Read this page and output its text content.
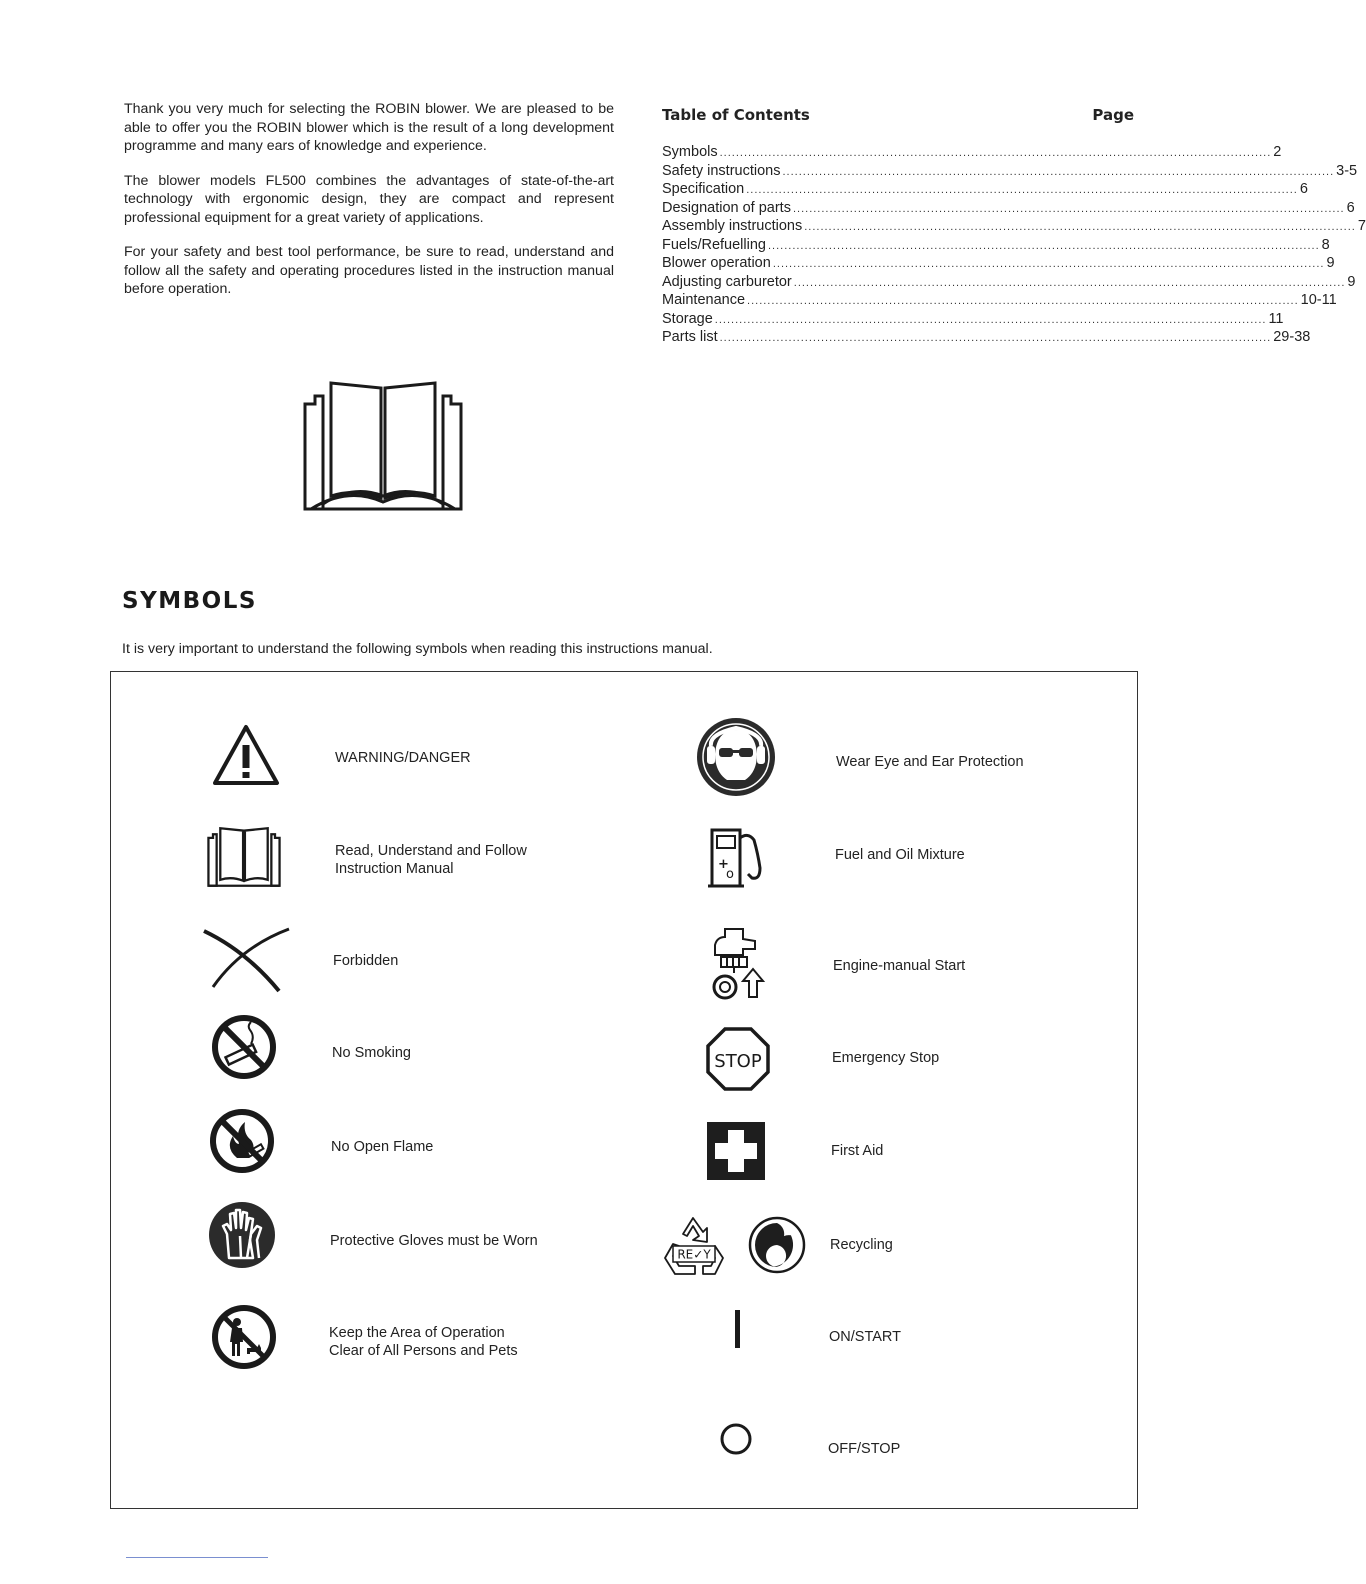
Thank you very much for selecting the ROBIN blower. We are pleased to be able to offer you the ROBIN blower which is the result of a long development programme and many ears of knowledge and experience.

The blower models FL500 combines the advantages of state-of-the-art technology with ergonomic design, they are compact and represent professional equipment for a great variety of applications.

For your safety and best tool performance, be sure to read, understand and follow all the safety and operating procedures listed in the instruction manual before operation.

Table of Contents	Page
Symbols ........................................................................................................................................ 2
Safety instructions ........................................................................................................................................ 3-5
Specification ........................................................................................................................................ 6
Designation of parts ........................................................................................................................................ 6
Assembly instructions ........................................................................................................................................ 7
Fuels/Refuelling ........................................................................................................................................ 8
Blower operation ........................................................................................................................................ 9
Adjusting carburetor ........................................................................................................................................ 9
Maintenance ........................................................................................................................................ 10-11
Storage ........................................................................................................................................ 11
Parts list ........................................................................................................................................ 29-38
SYMBOLS
It is very important to understand the following symbols when reading this instructions manual.
WARNING/DANGER
Read, Understand and Follow
Instruction Manual
Forbidden
No Smoking
No Open Flame
Protective Gloves must be Worn
Keep the Area of Operation
Clear of All Persons and Pets
Wear Eye and Ear Protection
+
o
Fuel and Oil Mixture
Engine-manual Start
STOP	Emergency Stop
First Aid
RE✓Y
Recycling
ON/START
OFF/STOP
